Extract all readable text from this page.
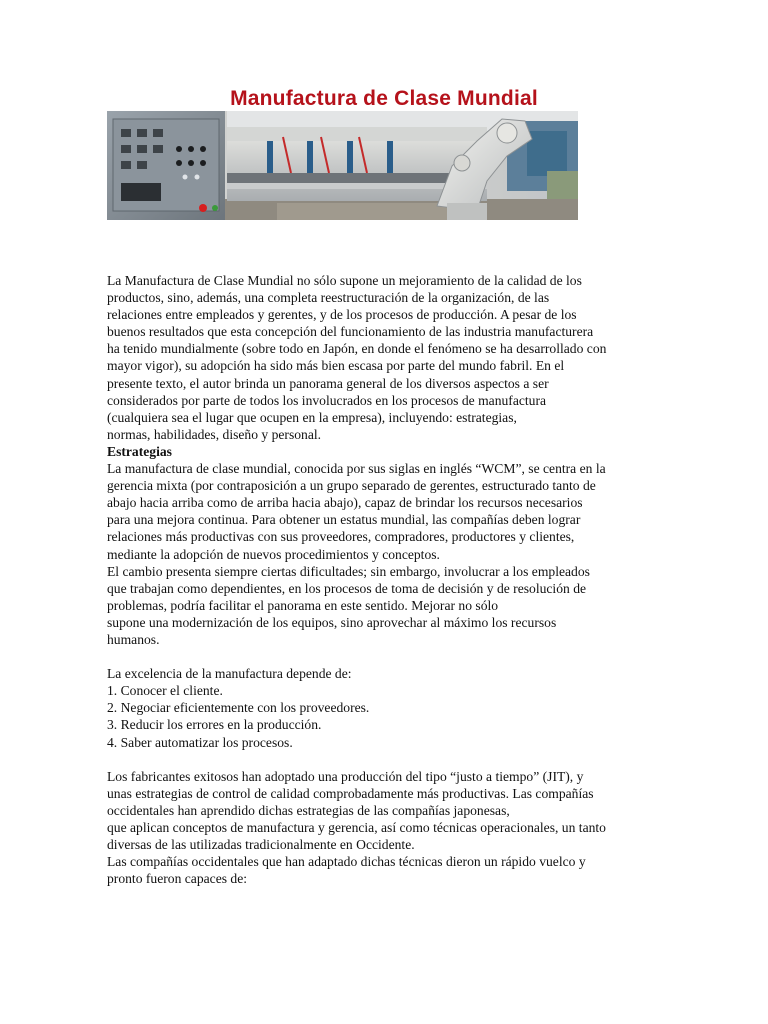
Manufactura de Clase Mundial
La Manufactura de Clase Mundial no sólo supone un mejoramiento de la calidad de los
productos, sino, además, una completa reestructuración de la organización, de las
relaciones entre empleados y gerentes, y de los procesos de producción. A pesar de los
buenos resultados que esta concepción del funcionamiento de las industria manufacturera
ha tenido mundialmente (sobre todo en Japón, en donde el fenómeno se ha desarrollado con
mayor vigor), su adopción ha sido más bien escasa por parte del mundo fabril. En el
presente texto, el autor brinda un panorama general de los diversos aspectos a ser
considerados por parte de todos los involucrados en los procesos de manufactura
(cualquiera sea el lugar que ocupen en la empresa), incluyendo: estrategias,
normas, habilidades, diseño y personal.
Estrategias
La manufactura de clase mundial, conocida por sus siglas en inglés “WCM”, se centra en la
gerencia mixta (por contraposición a un grupo separado de gerentes, estructurado tanto de
abajo hacia arriba como de arriba hacia abajo), capaz de brindar los recursos necesarios
para una mejora continua. Para obtener un estatus mundial, las compañías deben lograr
relaciones más productivas con sus proveedores, compradores, productores y clientes,
mediante la adopción de nuevos procedimientos y conceptos.
El cambio presenta siempre ciertas dificultades; sin embargo, involucrar a los empleados
que trabajan como dependientes, en los procesos de toma de decisión y de resolución de
problemas, podría facilitar el panorama en este sentido. Mejorar no sólo
supone una modernización de los equipos, sino aprovechar al máximo los recursos
humanos.
La excelencia de la manufactura depende de:
1. Conocer el cliente.
2. Negociar eficientemente con los proveedores.
3. Reducir los errores en la producción.
4. Saber automatizar los procesos.
Los fabricantes exitosos han adoptado una producción del tipo “justo a tiempo” (JIT), y
unas estrategias de control de calidad comprobadamente más productivas. Las compañías
occidentales han aprendido dichas estrategias de las compañías japonesas,
que aplican conceptos de manufactura y gerencia, así como técnicas operacionales, un tanto
diversas de las utilizadas tradicionalmente en Occidente.
Las compañías occidentales que han adaptado dichas técnicas dieron un rápido vuelco y
pronto fueron capaces de:
